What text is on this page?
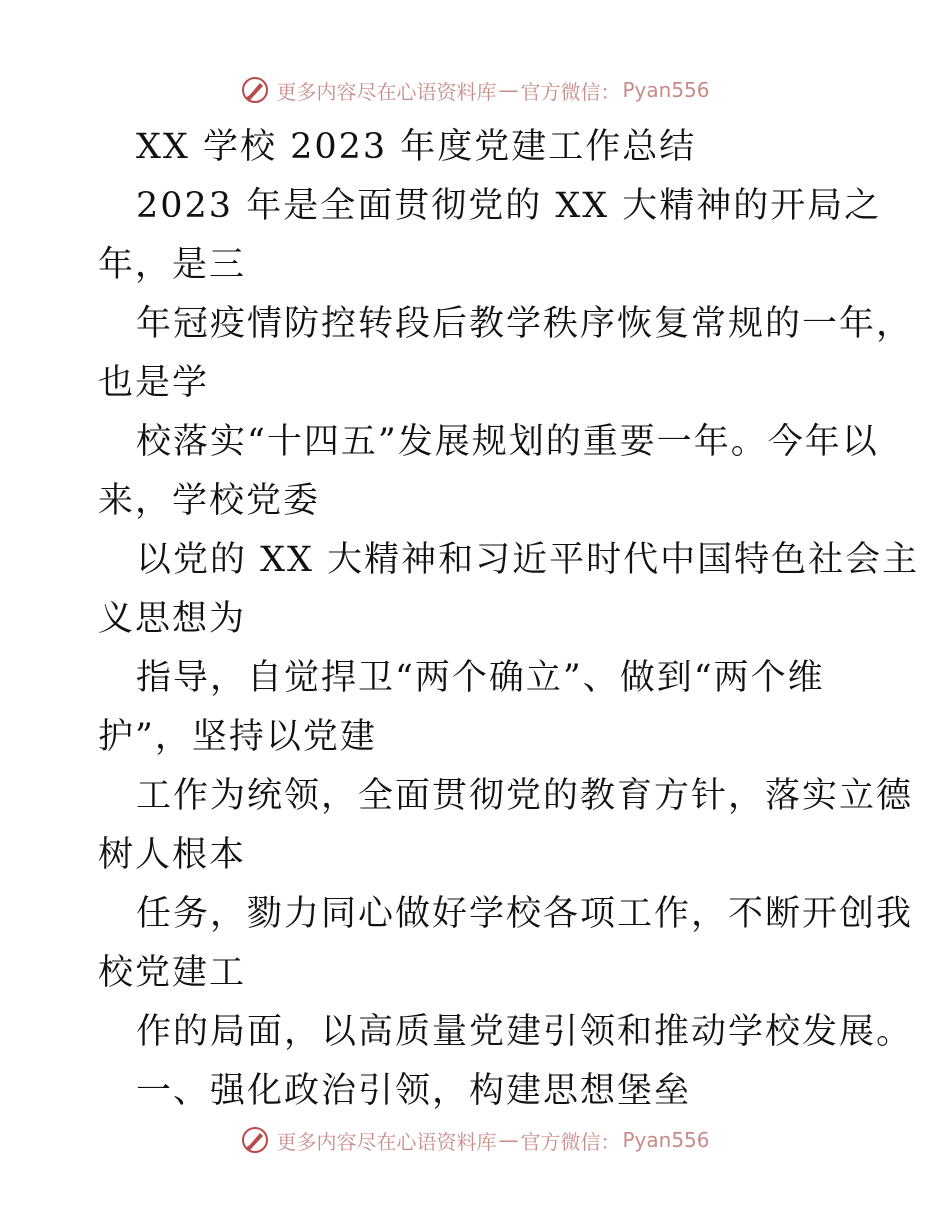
更多内容尽在心语资料库 — 官方微信： Pyan556
XX 学校 2023 年度党建工作总结
2023 年是全面贯彻党的 XX 大精神的开局之
年，是三
年冠疫情防控转段后教学秩序恢复常规的一年，
也是学
校落实“十四五”发展规划的重要一年。今年以
来，学校党委
以党的 XX 大精神和习近平时代中国特色社会主
义思想为
指导，自觉捍卫“两个确立”、做到“两个维
护”，坚持以党建
工作为统领，全面贯彻党的教育方针，落实立德
树人根本
任务，勠力同心做好学校各项工作，不断开创我
校党建工
作的局面，以高质量党建引领和推动学校发展。
一、强化政治引领，构建思想堡垒
更多内容尽在心语资料库 — 官方微信： Pyan556
